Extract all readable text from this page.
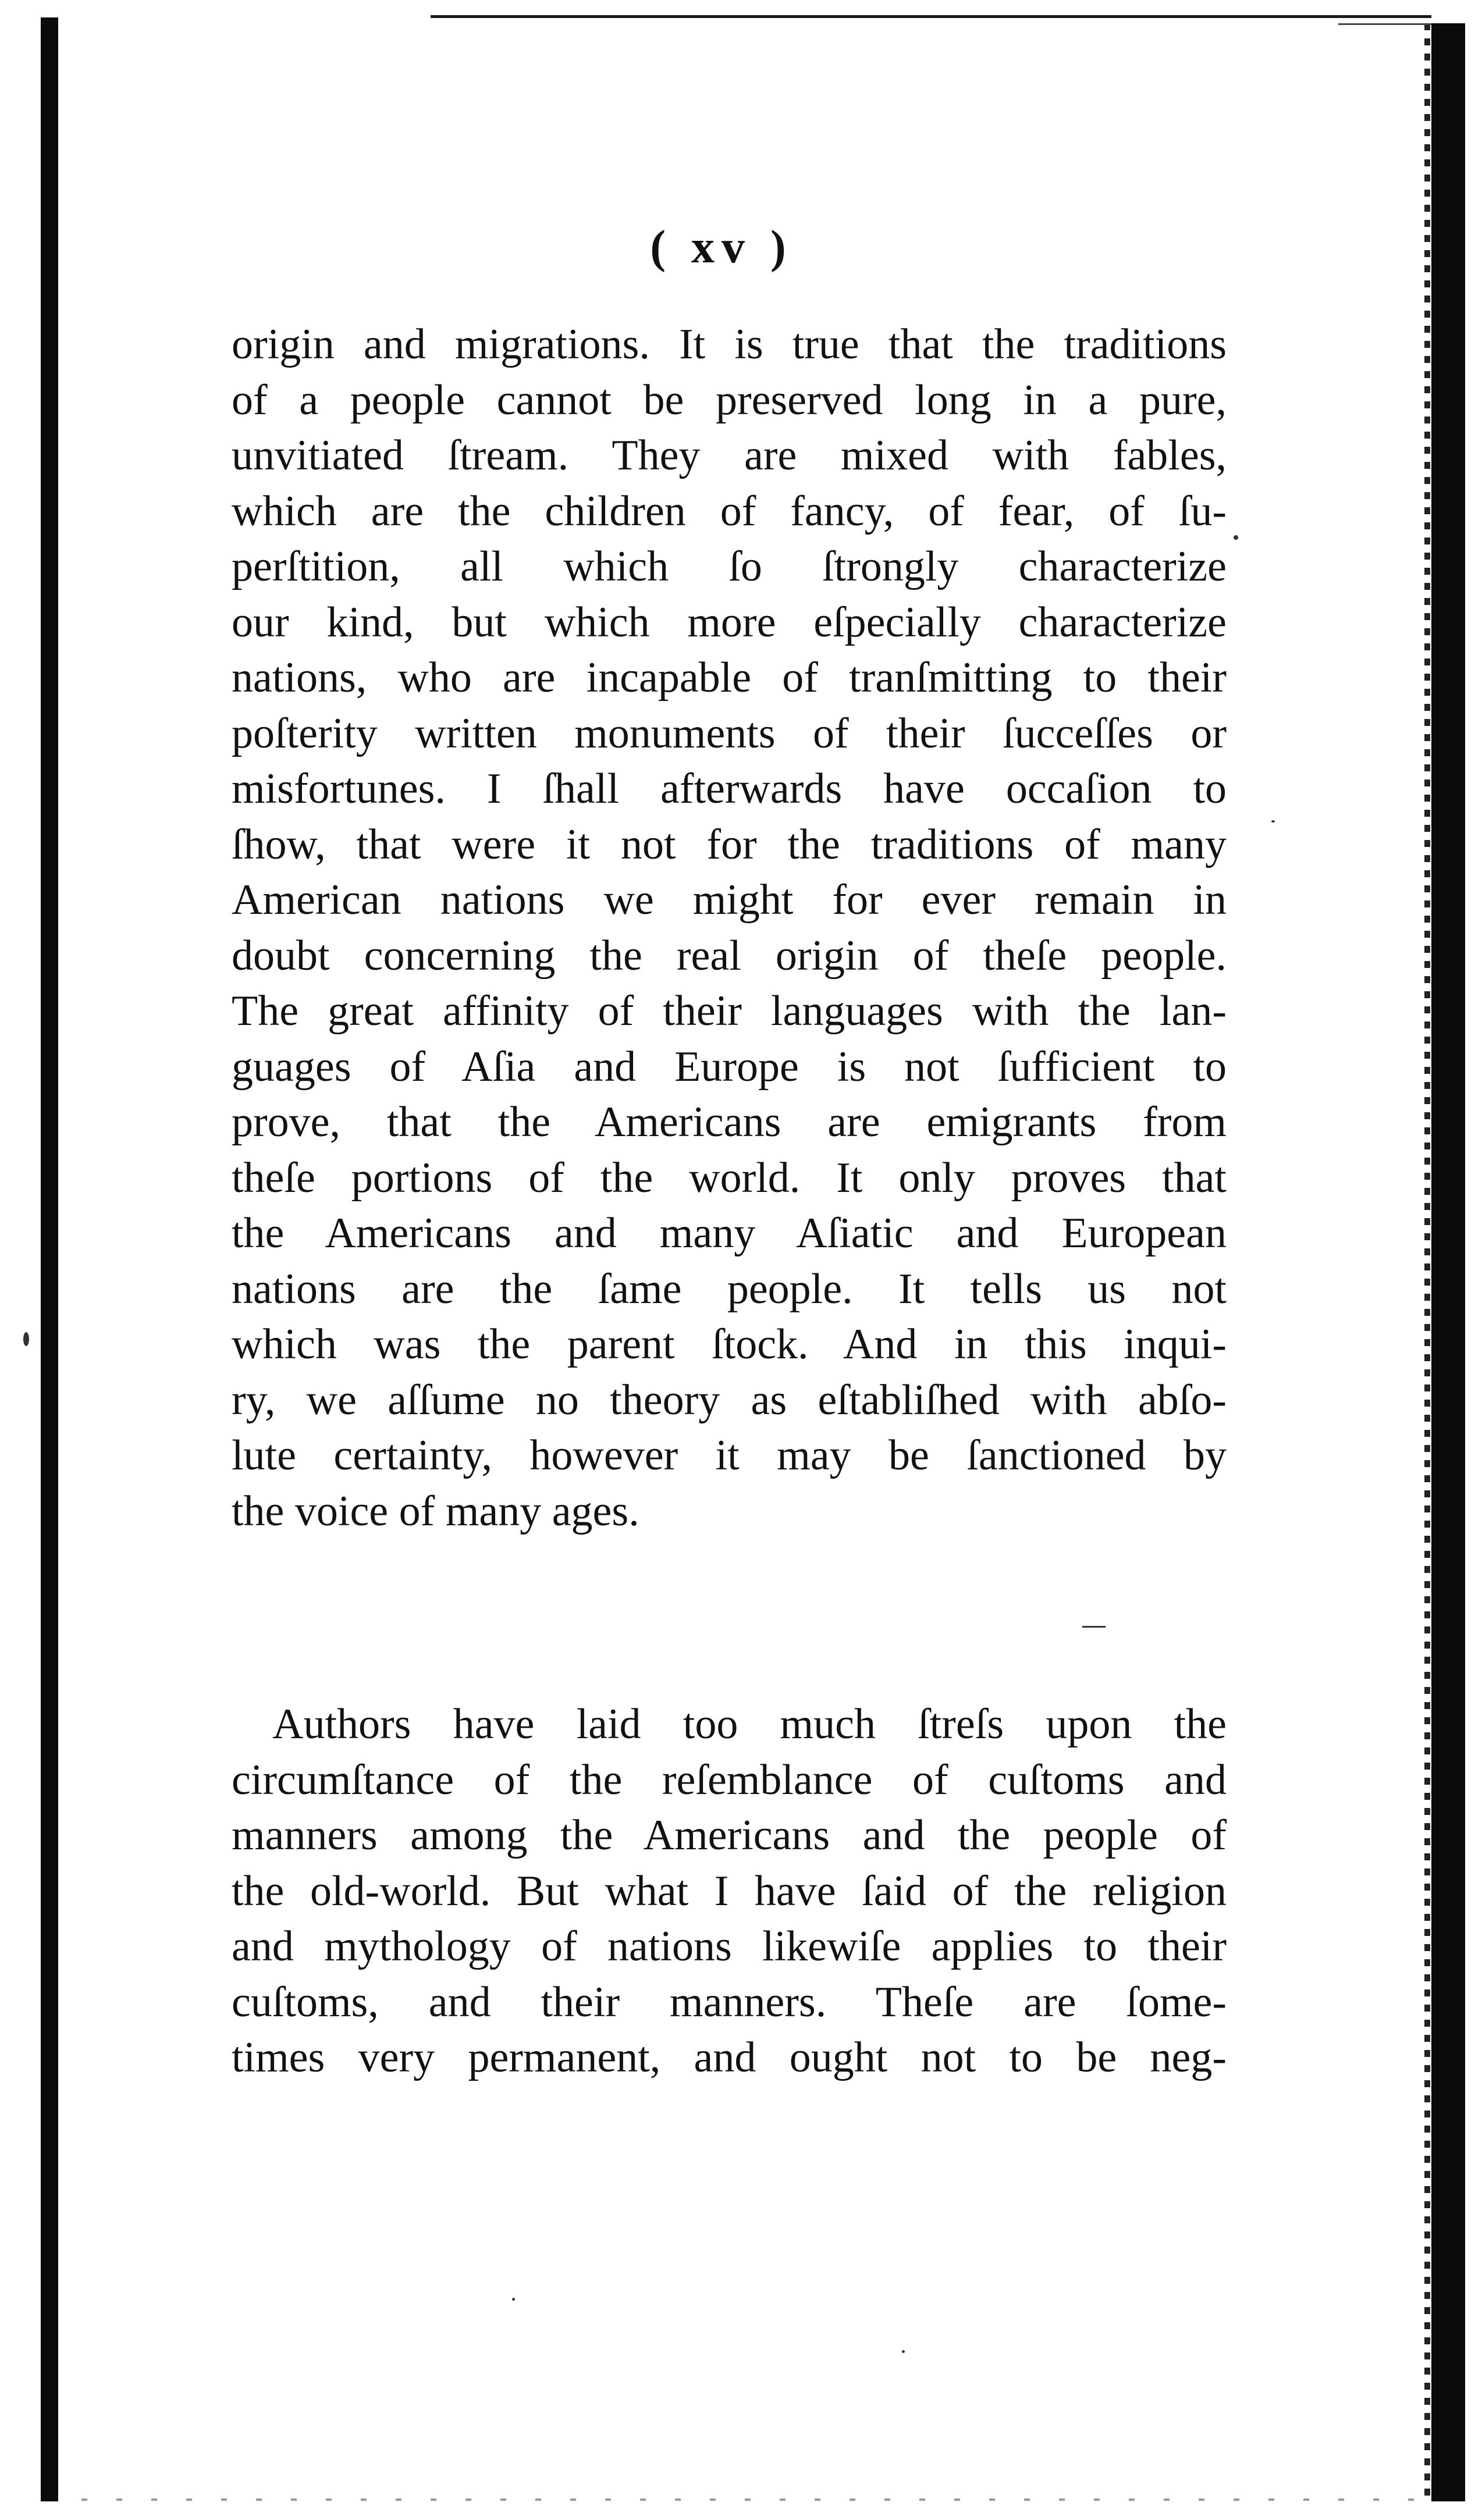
( xv )
origin and migrations. It is true that the traditions
of a people cannot be preserved long in a pure,
unvitiated ſtream. They are mixed with fables,
which are the children of fancy, of fear, of ſu-
perſtition, all which ſo ſtrongly characterize
our kind, but which more eſpecially characterize
nations, who are incapable of tranſmitting to their
poſterity written monuments of their ſucceſſes or
misfortunes. I ſhall afterwards have occaſion to
ſhow, that were it not for the traditions of many
American nations we might for ever remain in
doubt concerning the real origin of theſe people.
The great affinity of their languages with the lan-
guages of Aſia and Europe is not ſufficient to
prove, that the Americans are emigrants from
theſe portions of the world. It only proves that
the Americans and many Aſiatic and European
nations are the ſame people. It tells us not
which was the parent ſtock. And in this inqui-
ry, we aſſume no theory as eſtabliſhed with abſo-
lute certainty, however it may be ſanctioned by
the voice of many ages.
Authors have laid too much ſtreſs upon the
circumſtance of the reſemblance of cuſtoms and
manners among the Americans and the people of
the old-world. But what I have ſaid of the religion
and mythology of nations likewiſe applies to their
cuſtoms, and their manners. Theſe are ſome-
times very permanent, and ought not to be neg-
